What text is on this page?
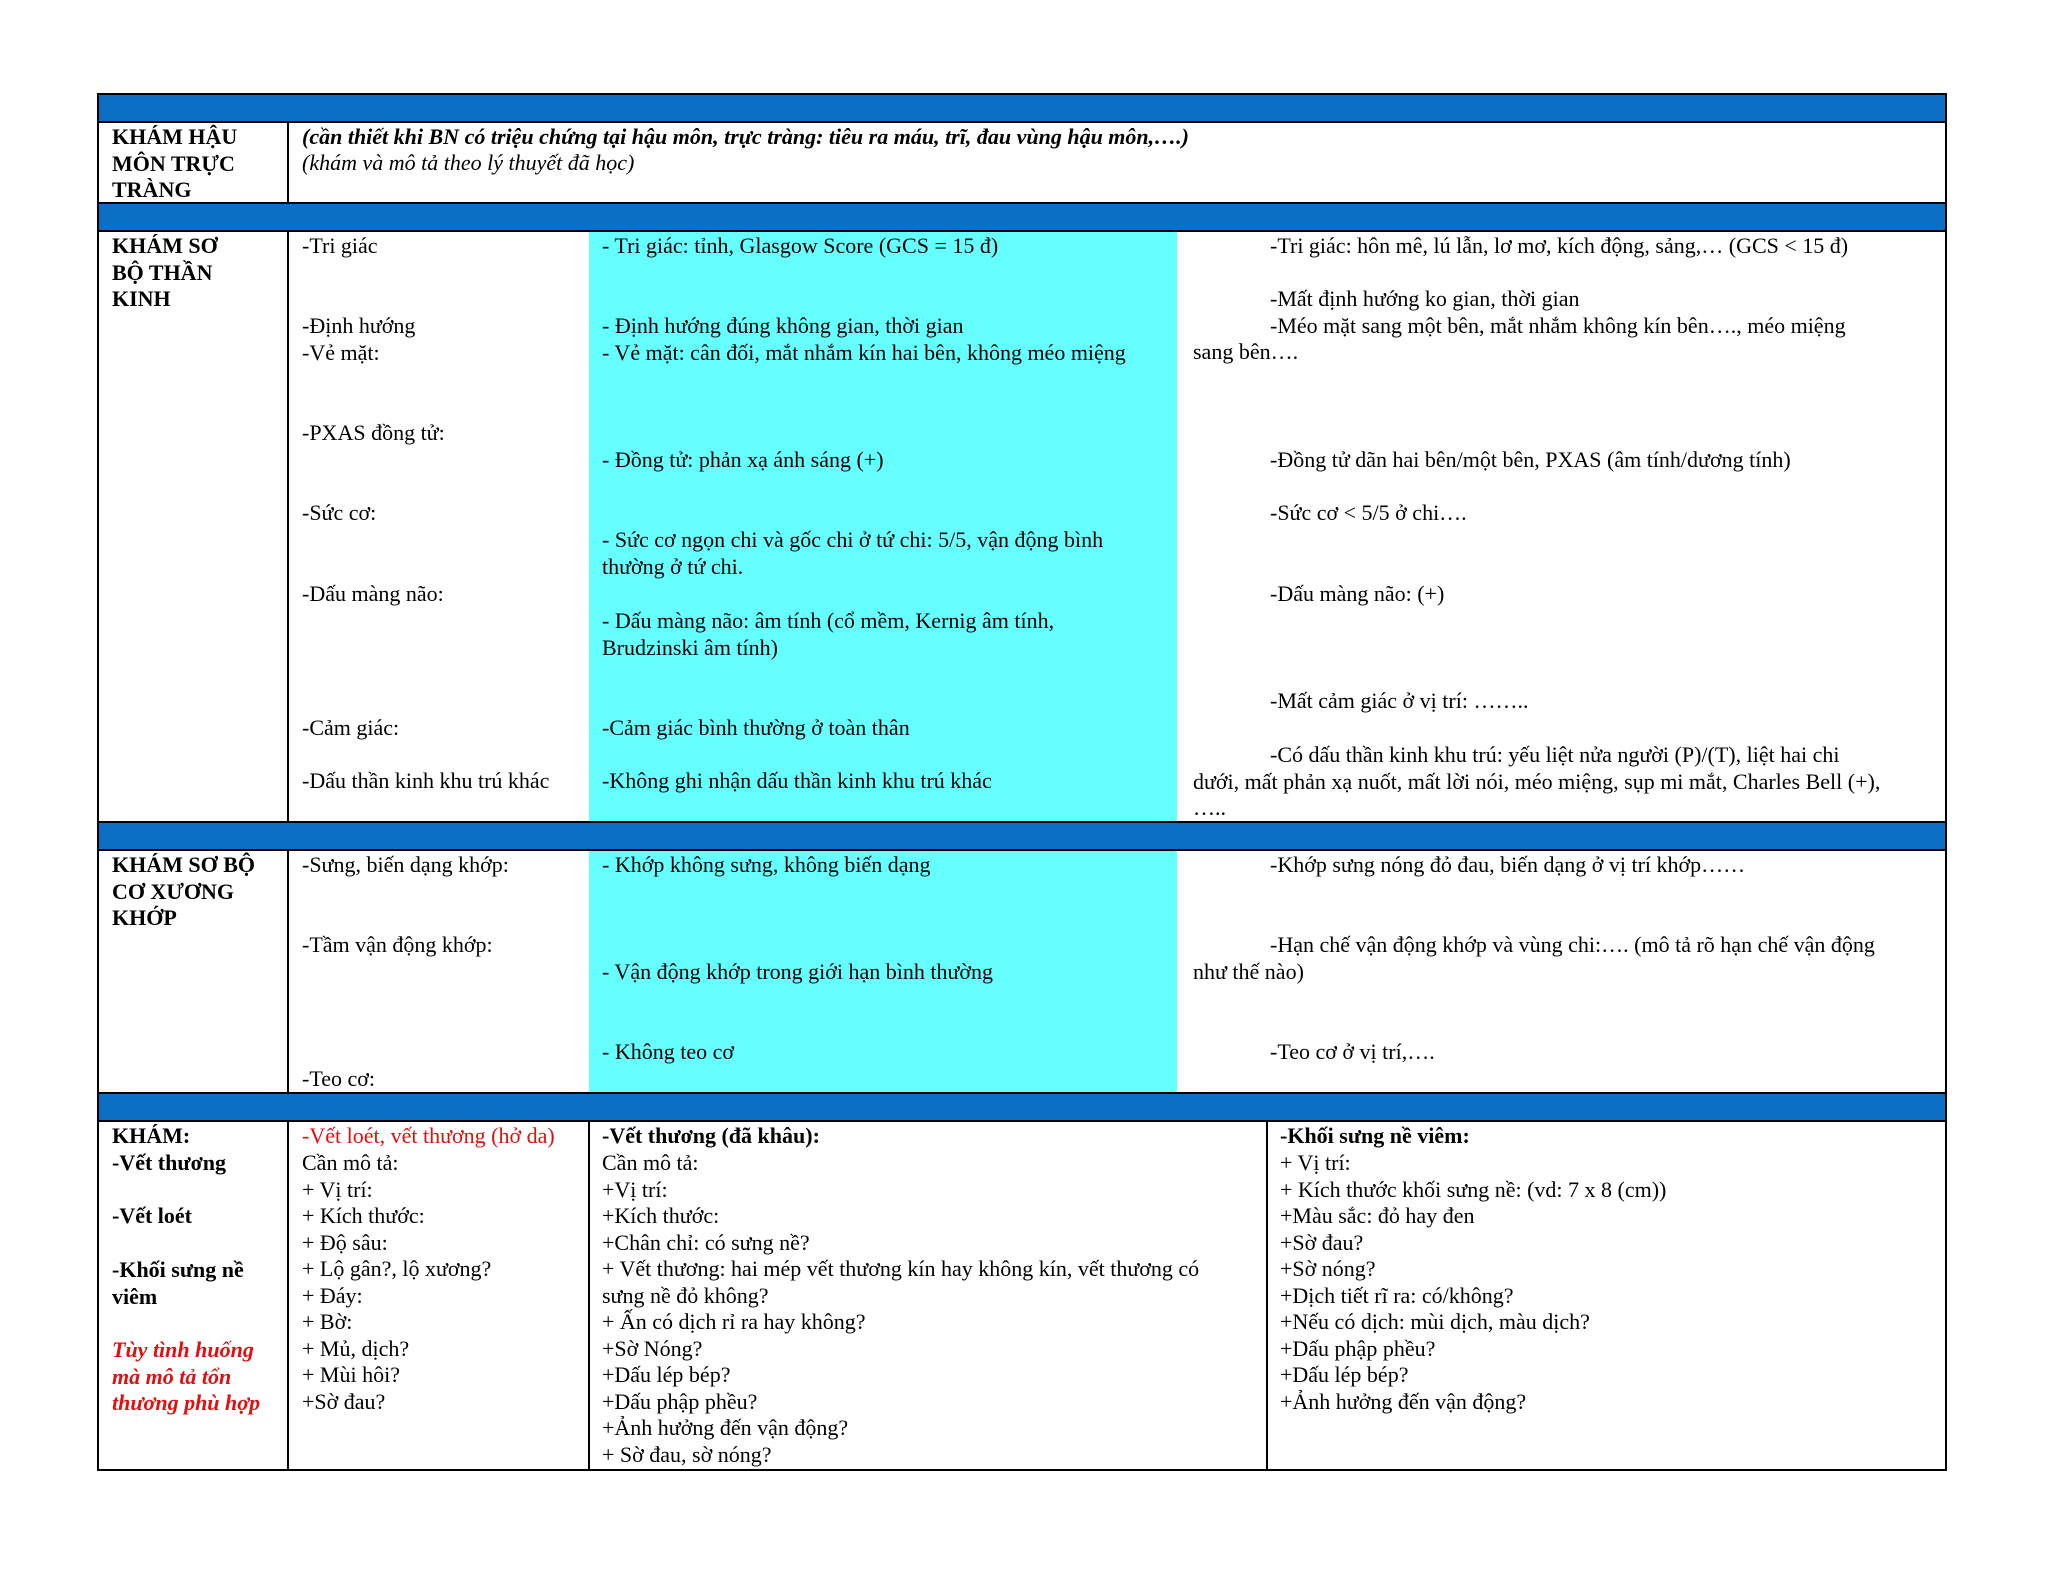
KHÁM HẬU
MÔN TRỰC
TRÀNG
(cần thiết khi BN có triệu chứng tại hậu môn, trực tràng: tiêu ra máu, trĩ, đau vùng hậu môn,….)
(khám và mô tả theo lý thuyết đã học)
KHÁM SƠ
BỘ THẦN
KINH
-Tri giác
-Định hướng
-Vẻ mặt:
-PXAS đồng tử:
-Sức cơ:
-Dấu màng não:
-Cảm giác:
-Dấu thần kinh khu trú khác
- Tri giác: tỉnh, Glasgow Score (GCS = 15 đ)
- Định hướng đúng không gian, thời gian
- Vẻ mặt: cân đối, mắt nhắm kín hai bên, không méo miệng
- Đồng tử: phản xạ ánh sáng (+)
- Sức cơ ngọn chi và gốc chi ở tứ chi: 5/5, vận động bình
thường ở tứ chi.
- Dấu màng não: âm tính (cổ mềm, Kernig âm tính,
Brudzinski âm tính)
-Cảm giác bình thường ở toàn thân
-Không ghi nhận dấu thần kinh khu trú khác
-Tri giác: hôn mê, lú lẫn, lơ mơ, kích động, sảng,… (GCS < 15 đ)
-Mất định hướng ko gian, thời gian
-Méo mặt sang một bên, mắt nhắm không kín bên…., méo miệng
sang bên….
-Đồng tử dãn hai bên/một bên, PXAS (âm tính/dương tính)
-Sức cơ < 5/5 ở chi….
-Dấu màng não: (+)
-Mất cảm giác ở vị trí: ……..
-Có dấu thần kinh khu trú: yếu liệt nửa người (P)/(T), liệt hai chi
dưới, mất phản xạ nuốt, mất lời nói, méo miệng, sụp mi mắt, Charles Bell (+),
…..
KHÁM SƠ BỘ
CƠ XƯƠNG
KHỚP
-Sưng, biến dạng khớp:
-Tầm vận động khớp:
-Teo cơ:
- Khớp không sưng, không biến dạng
- Vận động khớp trong giới hạn bình thường
- Không teo cơ
-Khớp sưng nóng đỏ đau, biến dạng ở vị trí khớp……
-Hạn chế vận động khớp và vùng chi:…. (mô tả rõ hạn chế vận động
như thế nào)
-Teo cơ ở vị trí,….
KHÁM:
-Vết thương
-Vết loét
-Khối sưng nề
viêm
Tùy tình huống
mà mô tả tổn
thương phù hợp
-Vết loét, vết thương (hở da)
Cần mô tả:
+ Vị trí:
+ Kích thước:
+ Độ sâu:
+ Lộ gân?, lộ xương?
+ Đáy:
+ Bờ:
+ Mủ, dịch?
+ Mùi hôi?
+Sờ đau?
-Vết thương (đã khâu):
Cần mô tả:
+Vị trí:
+Kích thước:
+Chân chỉ: có sưng nề?
+ Vết thương: hai mép vết thương kín hay không kín, vết thương có
sưng nề đỏ không?
+ Ấn có dịch rỉ ra hay không?
+Sờ Nóng?
+Dấu lép bép?
+Dấu phập phều?
+Ảnh hưởng đến vận động?
+ Sờ đau, sờ nóng?
-Khối sưng nề viêm:
+ Vị trí:
+ Kích thước khối sưng nề: (vd: 7 x 8 (cm))
+Màu sắc: đỏ hay đen
+Sờ đau?
+Sờ nóng?
+Dịch tiết rĩ ra: có/không?
+Nếu có dịch: mùi dịch, màu dịch?
+Dấu phập phều?
+Dấu lép bép?
+Ảnh hưởng đến vận động?
